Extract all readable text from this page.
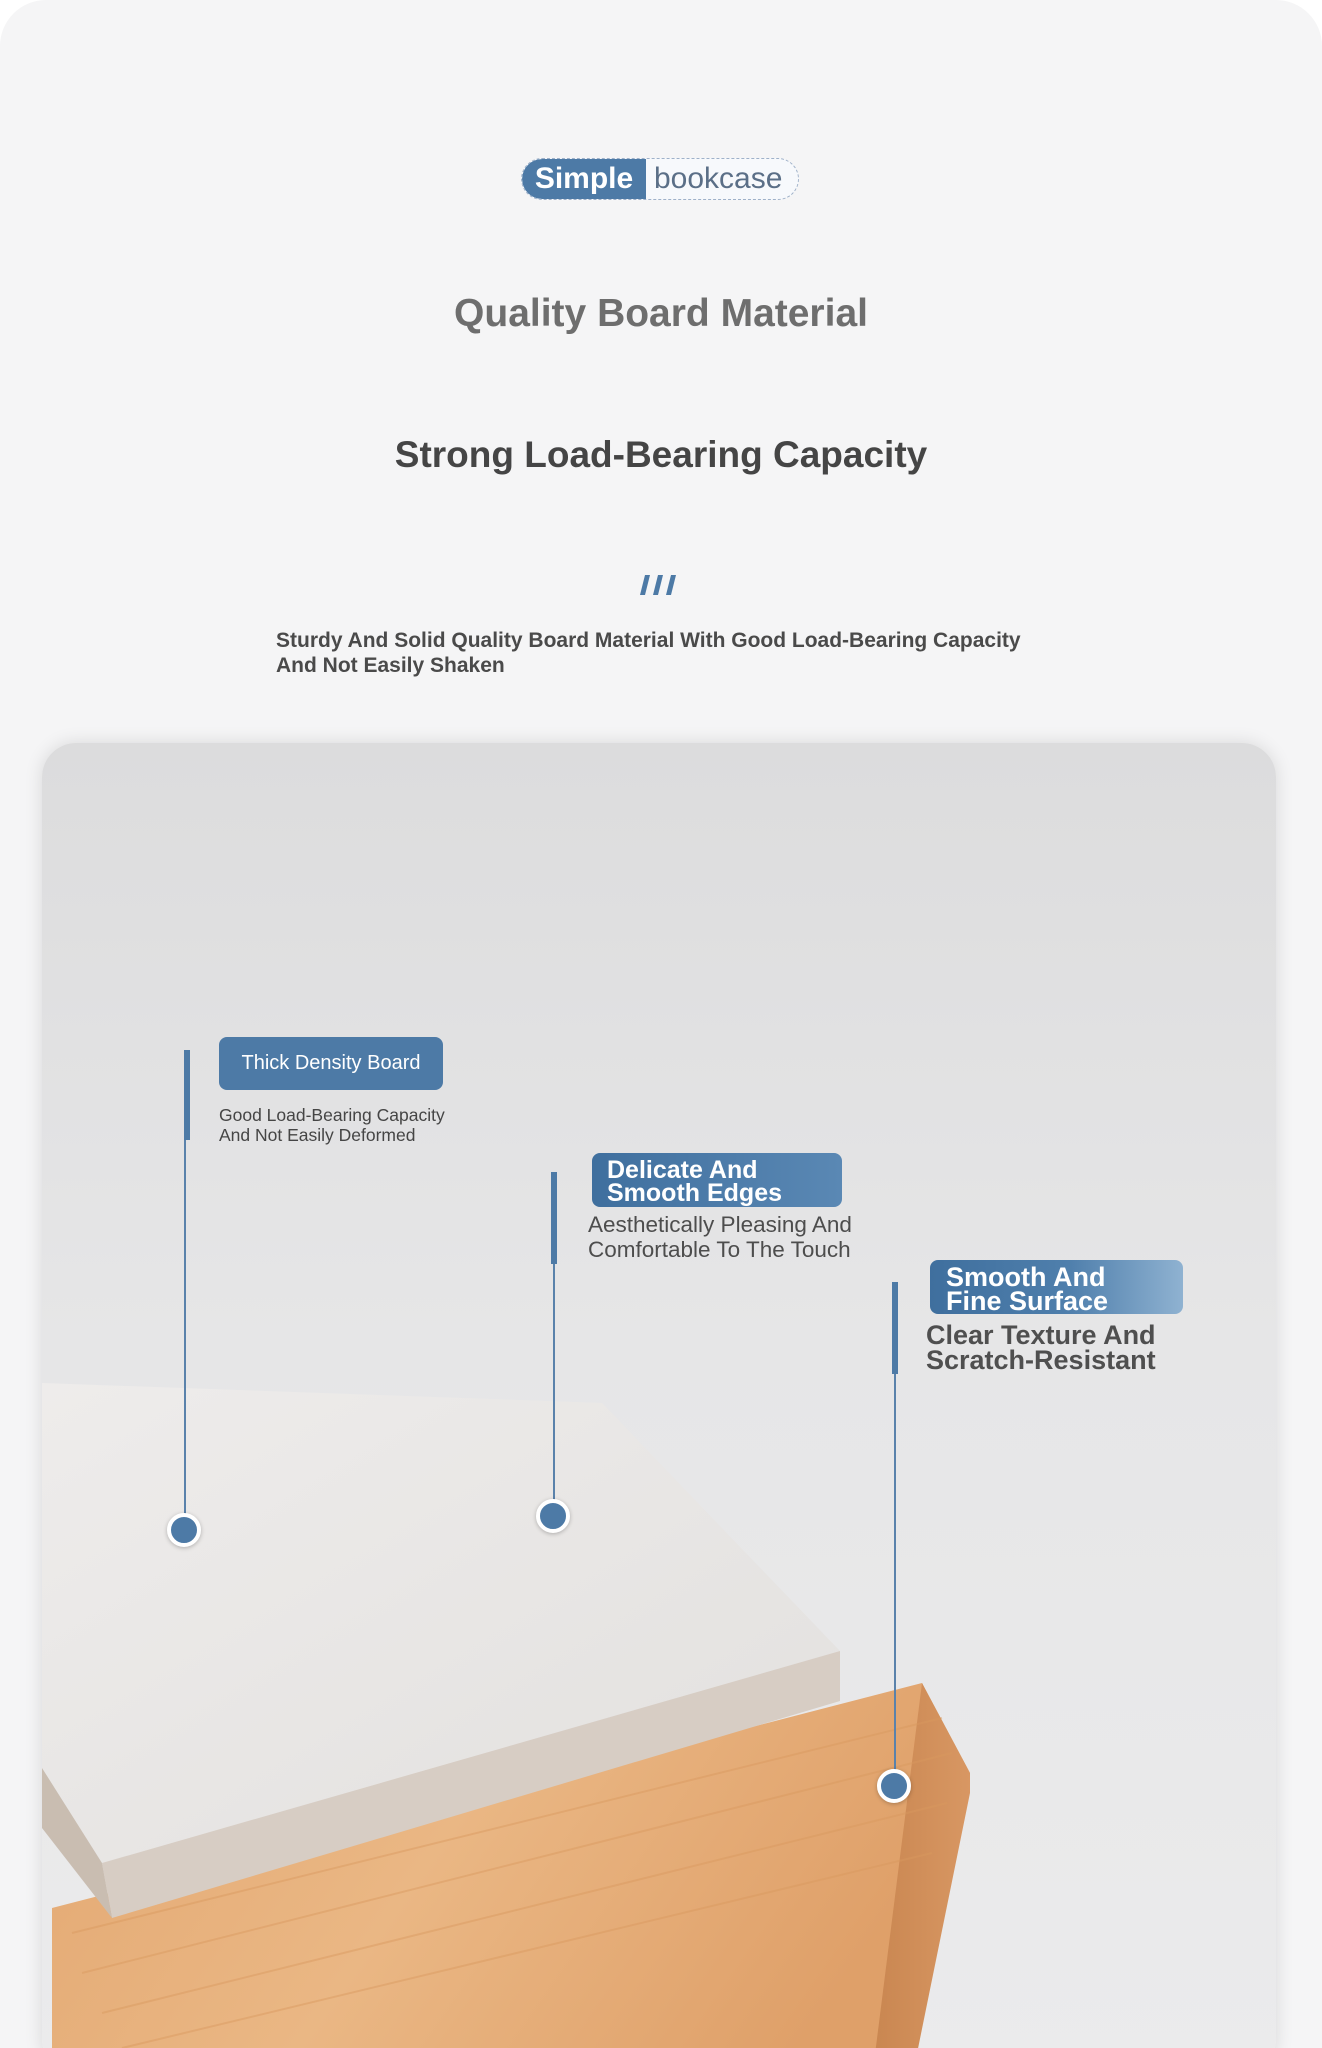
Simple bookcase
Quality Board Material
Strong Load-Bearing Capacity
Sturdy And Solid Quality Board Material With Good Load-Bearing Capacity
And Not Easily Shaken
Thick Density Board
Good Load-Bearing Capacity
And Not Easily Deformed
Delicate And
Smooth Edges
Aesthetically Pleasing And
Comfortable To The Touch
Smooth And
Fine Surface
Clear Texture And
Scratch-Resistant
